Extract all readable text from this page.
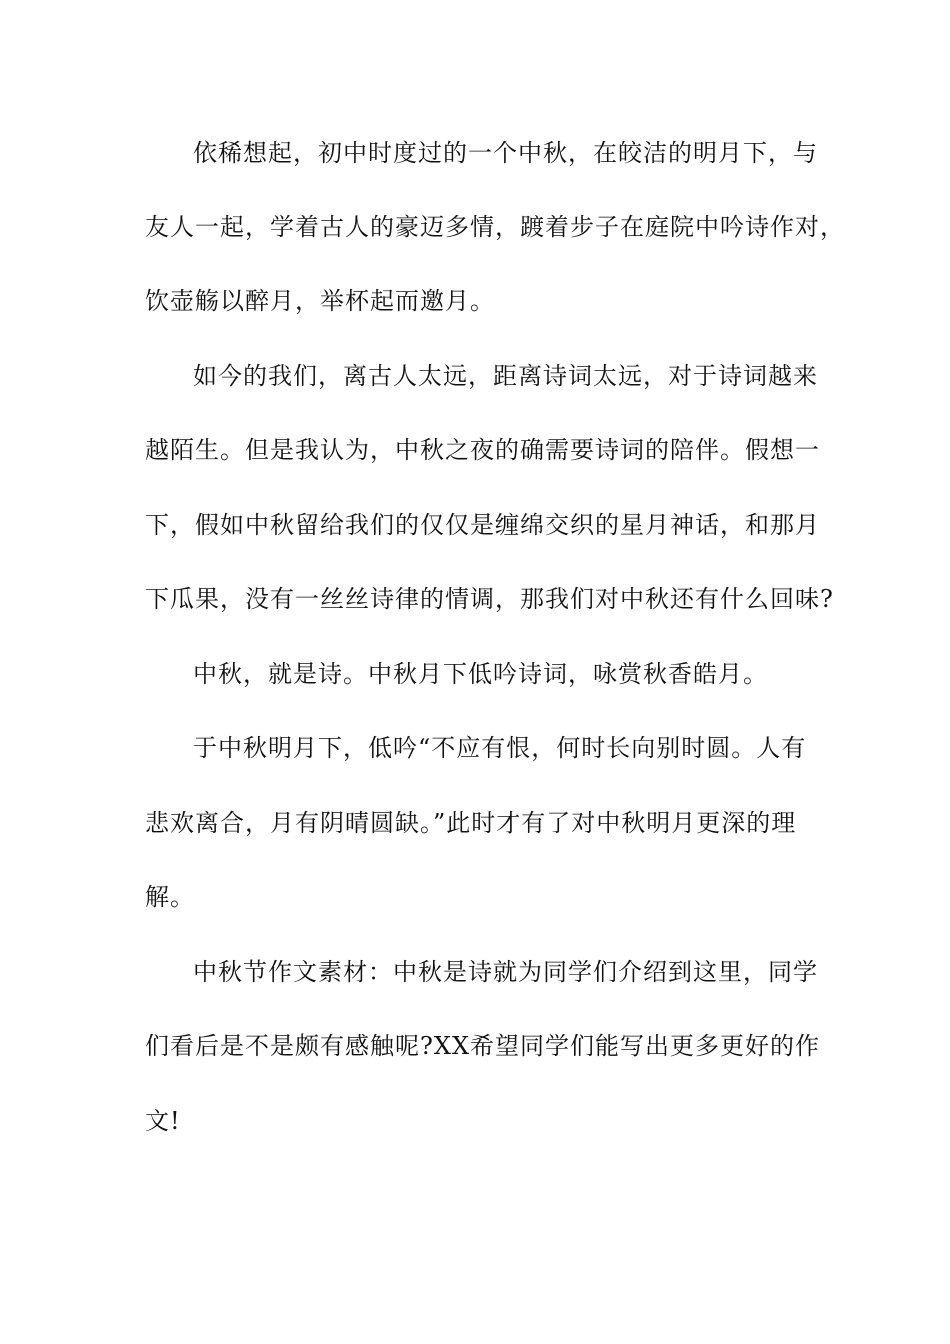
依稀想起，初中时度过的一个中秋，在皎洁的明月下，与
友人一起，学着古人的豪迈多情，踱着步子在庭院中吟诗作对，
饮壶觞以醉月，举杯起而邀月。
如今的我们，离古人太远，距离诗词太远，对于诗词越来
越陌生。但是我认为，中秋之夜的确需要诗词的陪伴。假想一
下，假如中秋留给我们的仅仅是缠绵交织的星月神话，和那月
下瓜果，没有一丝丝诗律的情调，那我们对中秋还有什么回味?
中秋，就是诗。中秋月下低吟诗词，咏赏秋香皓月。
于中秋明月下，低吟“不应有恨，何时长向别时圆。人有
悲欢离合，月有阴晴圆缺。”此时才有了对中秋明月更深的理
解。
中秋节作文素材：中秋是诗就为同学们介绍到这里，同学
们看后是不是颇有感触呢?XX希望同学们能写出更多更好的作
文!
